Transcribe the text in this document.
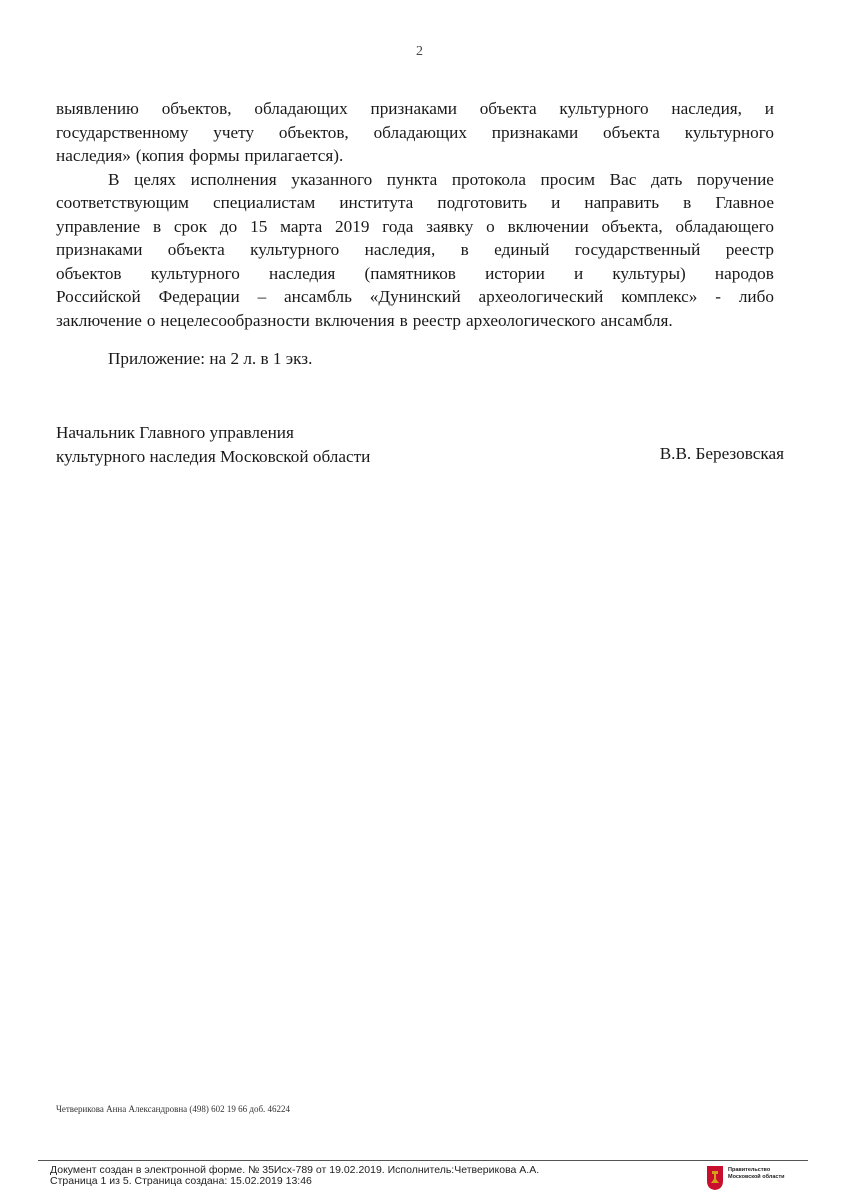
2
выявлению объектов, обладающих признаками объекта культурного наследия, и
государственному учету объектов, обладающих признаками объекта культурного
наследия» (копия формы прилагается).
В целях исполнения указанного пункта протокола просим Вас дать поручение
соответствующим специалистам института подготовить и направить в Главное
управление в срок до 15 марта 2019 года заявку о включении объекта, обладающего
признаками объекта культурного наследия, в единый государственный реестр
объектов культурного наследия (памятников истории и культуры) народов
Российской Федерации – ансамбль «Дунинский археологический комплекс» - либо
заключение о нецелесообразности включения в реестр археологического ансамбля.
Приложение: на 2 л. в 1 экз.
Начальник Главного управления
культурного наследия Московской области	В.В. Березовская
Четверикова Анна Александровна (498) 602 19 66 доб. 46224
Документ создан в электронной форме. № 35Исх-789 от 19.02.2019. Исполнитель:Четверикова А.А.
Страница 1 из 5. Страница создана: 15.02.2019 13:46
Правительство
Московской области
